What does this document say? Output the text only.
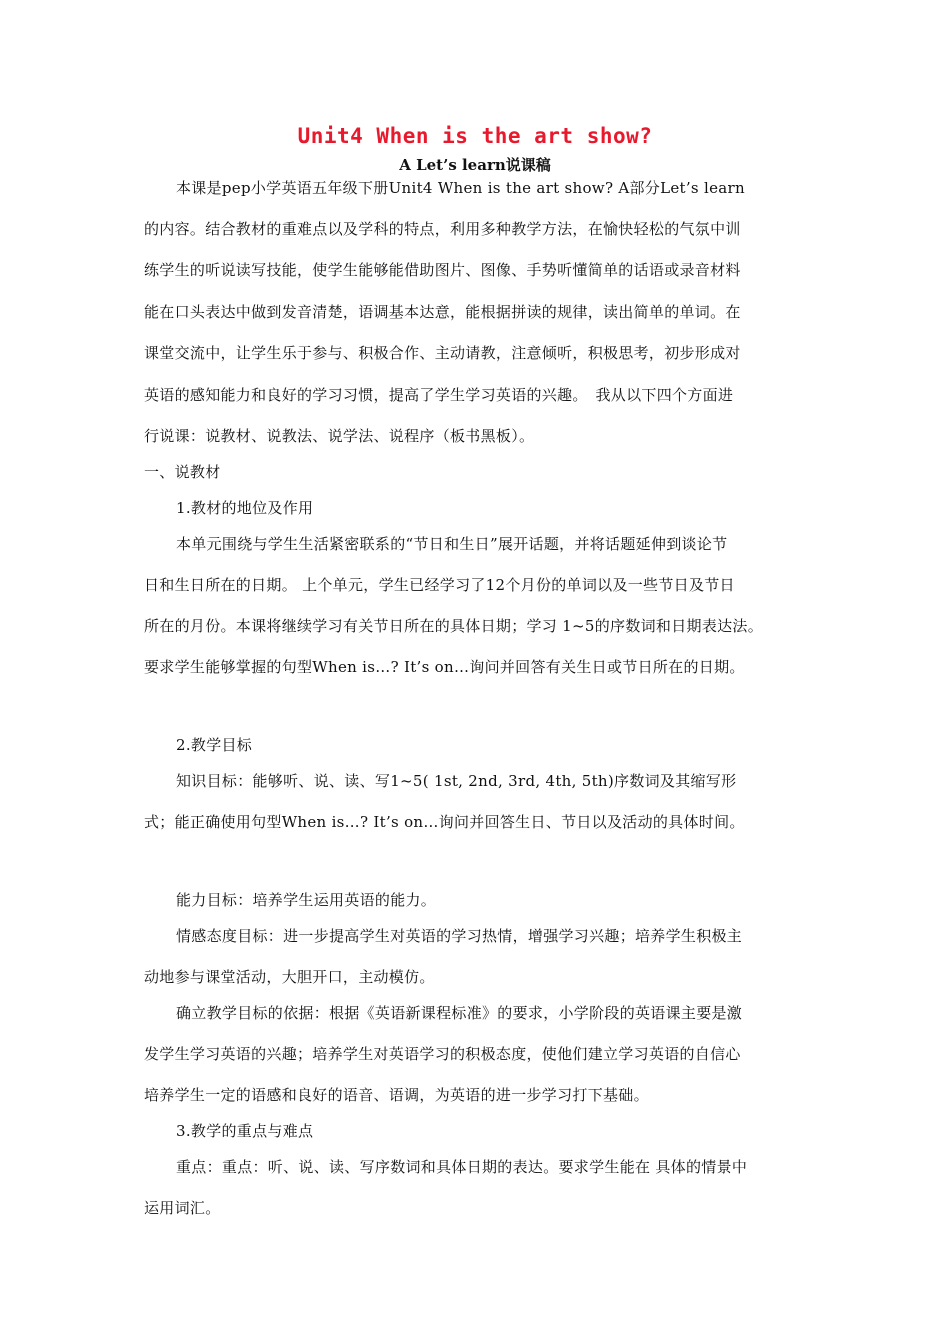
Unit4 When is the art show?
A Let’s learn说课稿
本课是pep小学英语五年级下册Unit4 When is the art show? A部分Let’s learn
的内容。结合教材的重难点以及学科的特点，利用多种教学方法，在愉快轻松的气氛中训
练学生的听说读写技能，使学生能够能借助图片、图像、手势听懂简单的话语或录音材料
能在口头表达中做到发音清楚，语调基本达意，能根据拼读的规律，读出简单的单词。在
课堂交流中，让学生乐于参与、积极合作、主动请教，注意倾听，积极思考，初步形成对
英语的感知能力和良好的学习习惯，提高了学生学习英语的兴趣。　我从以下四个方面进
行说课：说教材、说教法、说学法、说程序（板书黑板）。
一、说教材
1.教材的地位及作用
本单元围绕与学生生活紧密联系的“节日和生日”展开话题，并将话题延伸到谈论节
日和生日所在的日期。 上个单元，学生已经学习了12个月份的单词以及一些节日及节日
所在的月份。本课将继续学习有关节日所在的具体日期；学习 1~5的序数词和日期表达法。
要求学生能够掌握的句型When is…? It’s on…询问并回答有关生日或节日所在的日期。
2.教学目标
知识目标：能够听、说、读、写1~5( 1st, 2nd, 3rd, 4th, 5th)序数词及其缩写形
式；能正确使用句型When is…? It’s on…询问并回答生日、节日以及活动的具体时间。
能力目标：培养学生运用英语的能力。
情感态度目标：进一步提高学生对英语的学习热情，增强学习兴趣；培养学生积极主
动地参与课堂活动，大胆开口，主动模仿。
确立教学目标的依据：根据《英语新课程标准》的要求，小学阶段的英语课主要是激
发学生学习英语的兴趣；培养学生对英语学习的积极态度，使他们建立学习英语的自信心
培养学生一定的语感和良好的语音、语调，为英语的进一步学习打下基础。
3.教学的重点与难点
重点：重点：听、说、读、写序数词和具体日期的表达。要求学生能在 具体的情景中
运用词汇。
